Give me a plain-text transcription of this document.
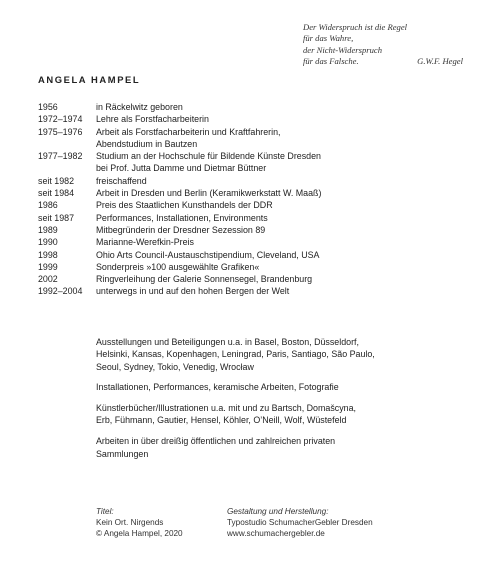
Der Widerspruch ist die Regel
für das Wahre,
der Nicht-Widerspruch
für das Falsche.	G.W.F. Hegel
ANGELA HAMPEL
1956	in Räckelwitz geboren
1972–1974	Lehre als Forstfacharbeiterin
1975–1976	Arbeit als Forstfacharbeiterin und Kraftfahrerin,
Abendstudium in Bautzen
1977–1982	Studium an der Hochschule für Bildende Künste Dresden
bei Prof. Jutta Damme und Dietmar Büttner
seit 1982	freischaffend
seit 1984	Arbeit in Dresden und Berlin (Keramikwerkstatt W. Maaß)
1986	Preis des Staatlichen Kunsthandels der DDR
seit 1987	Performances, Installationen, Environments
1989	Mitbegründerin der Dresdner Sezession 89
1990	Marianne-Werefkin-Preis
1998	Ohio Arts Council-Austauschstipendium, Cleveland, USA
1999	Sonderpreis »100 ausgewählte Grafiken«
2002	Ringverleihung der Galerie Sonnensegel, Brandenburg
1992–2004	unterwegs in und auf den hohen Bergen der Welt

Ausstellungen und Beteiligungen u.a. in Basel, Boston, Düsseldorf,
Helsinki, Kansas, Kopenhagen, Leningrad, Paris, Santiago, São Paulo,
Seoul, Sydney, Tokio, Venedig, Wrocław

Installationen, Performances, keramische Arbeiten, Fotografie

Künstlerbücher/Illustrationen u.a. mit und zu Bartsch, Domašcyna,
Erb, Fühmann, Gautier, Hensel, Köhler, O’Neill, Wolf, Wüstefeld

Arbeiten in über dreißig öffentlichen und zahlreichen privaten
Sammlungen

Titel:
Kein Ort. Nirgends
© Angela Hampel, 2020
Gestaltung und Herstellung:
Typostudio SchumacherGebler Dresden
www.schumachergebler.de
